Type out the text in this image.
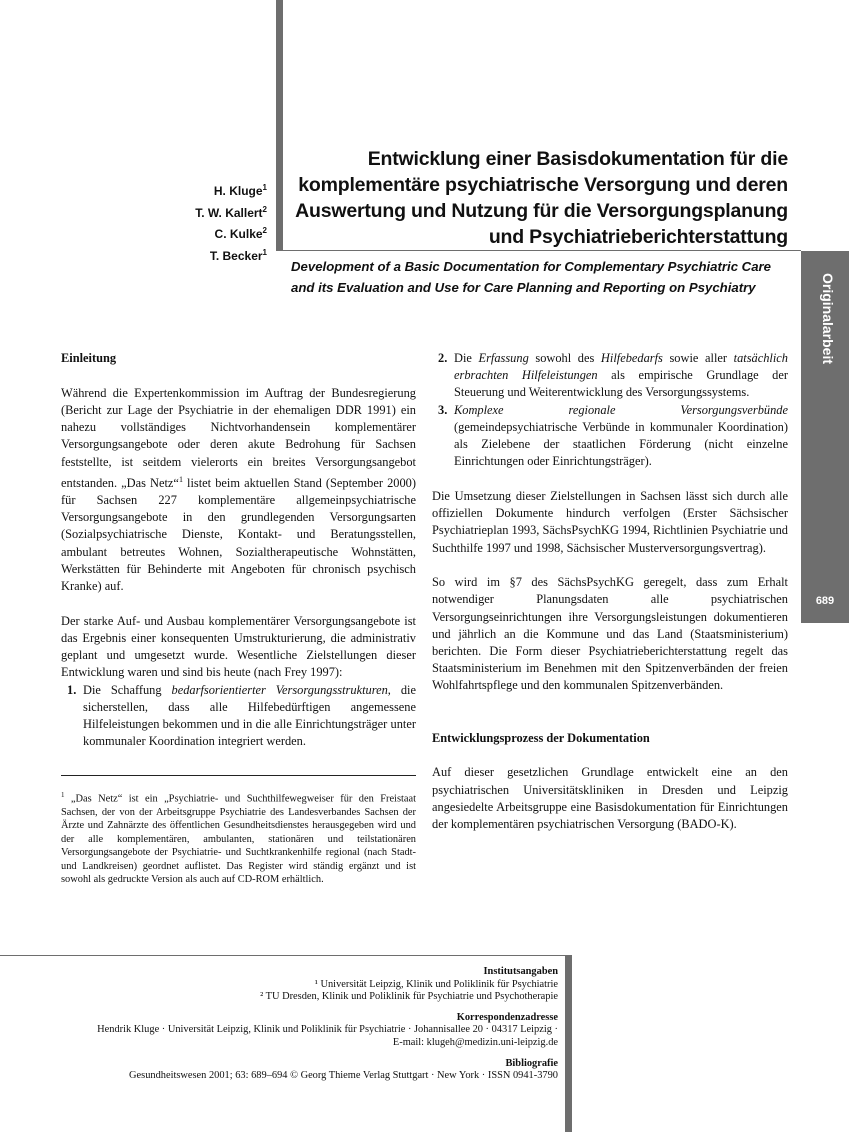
Originalarbeit
689
H. Kluge$^1$
T. W. Kallert$^2$
C. Kulke$^2$
T. Becker$^1$
Entwicklung einer Basisdokumentation für die
komplementäre psychiatrische Versorgung und deren
Auswertung und Nutzung für die Versorgungsplanung
und Psychiatrieberichterstattung
Development of a Basic Documentation for Complementary Psychiatric Care and its Evaluation and Use for Care Planning and Reporting on Psychiatry
Einleitung

Während die Expertenkommission im Auftrag der Bundesregierung (Bericht zur Lage der Psychiatrie in der ehemaligen DDR 1991) ein nahezu vollständiges Nichtvorhandensein komplementärer Versorgungsangebote oder deren akute Bedrohung für Sachsen feststellte, ist seitdem vielerorts ein breites Versorgungsangebot entstanden. „Das Netz“$^1$ listet beim aktuellen Stand (September 2000) für Sachsen 227 komplementäre allgemeinpsychiatrische Versorgungsangebote in den grundlegenden Versorgungsarten (Sozialpsychiatrische Dienste, Kontakt- und Beratungsstellen, ambulant betreutes Wohnen, Sozialtherapeutische Wohnstätten, Werkstätten für Behinderte mit Angeboten für chronisch psychisch Kranke) auf.

Der starke Auf- und Ausbau komplementärer Versorgungsangebote ist das Ergebnis einer konsequenten Umstrukturierung, die administrativ geplant und umgesetzt wurde. Wesentliche Zielstellungen dieser Entwicklung waren und sind bis heute (nach Frey 1997):

1. Die Schaffung bedarfsorientierter Versorgungsstrukturen, die sicherstellen, dass alle Hilfebedürftigen angemessene Hilfeleistungen bekommen und in die alle Einrichtungsträger unter kommunaler Koordination integriert werden.
2. Die Erfassung sowohl des Hilfebedarfs sowie aller tatsächlich erbrachten Hilfeleistungen als empirische Grundlage der Steuerung und Weiterentwicklung des Versorgungssystems.
3. Komplexe regionale Versorgungsverbünde (gemeindepsychiatrische Verbünde in kommunaler Koordination) als Zielebene der staatlichen Förderung (nicht einzelne Einrichtungen oder Einrichtungsträger).

Die Umsetzung dieser Zielstellungen in Sachsen lässt sich durch alle offiziellen Dokumente hindurch verfolgen (Erster Sächsischer Psychiatrieplan 1993, SächsPsychKG 1994, Richtlinien Psychiatrie und Suchthilfe 1997 und 1998, Sächsischer Musterversorgungsvertrag).

So wird im §7 des SächsPsychKG geregelt, dass zum Erhalt notwendiger Planungsdaten alle psychiatrischen Versorgungseinrichtungen ihre Versorgungsleistungen dokumentieren und jährlich an die Kommune und das Land (Staatsministerium) berichten. Die Form dieser Psychiatrieberichterstattung regelt das Staatsministerium im Benehmen mit den Spitzenverbänden der freien Wohlfahrtspflege und den kommunalen Spitzenverbänden.

Entwicklungsprozess der Dokumentation

Auf dieser gesetzlichen Grundlage entwickelt eine an den psychiatrischen Universitätskliniken in Dresden und Leipzig angesiedelte Arbeitsgruppe eine Basisdokumentation für Einrichtungen der komplementären psychiatrischen Versorgung (BADO-K).

$^1$ „Das Netz“ ist ein „Psychiatrie- und Suchthilfewegweiser für den Freistaat Sachsen, der von der Arbeitsgruppe Psychiatrie des Landesverbandes Sachsen der Ärzte und Zahnärzte des öffentlichen Gesundheitsdienstes herausgegeben wird und der alle komplementären, ambulanten, stationären und teilstationären Versorgungsangebote der Psychiatrie- und Suchtkrankenhilfe regional (nach Stadt- und Landkreisen) geordnet auflistet. Das Register wird ständig ergänzt und ist sowohl als gedruckte Version als auch auf CD-ROM erhältlich.
Institutsangaben
¹ Universität Leipzig, Klinik und Poliklinik für Psychiatrie
² TU Dresden, Klinik und Poliklinik für Psychiatrie und Psychotherapie
Korrespondenzadresse
Hendrik Kluge · Universität Leipzig, Klinik und Poliklinik für Psychiatrie · Johannisallee 20 · 04317 Leipzig ·
E-mail: klugeh@medizin.uni-leipzig.de
Bibliografie
Gesundheitswesen 2001; 63: 689–694 © Georg Thieme Verlag Stuttgart · New York · ISSN 0941-3790
